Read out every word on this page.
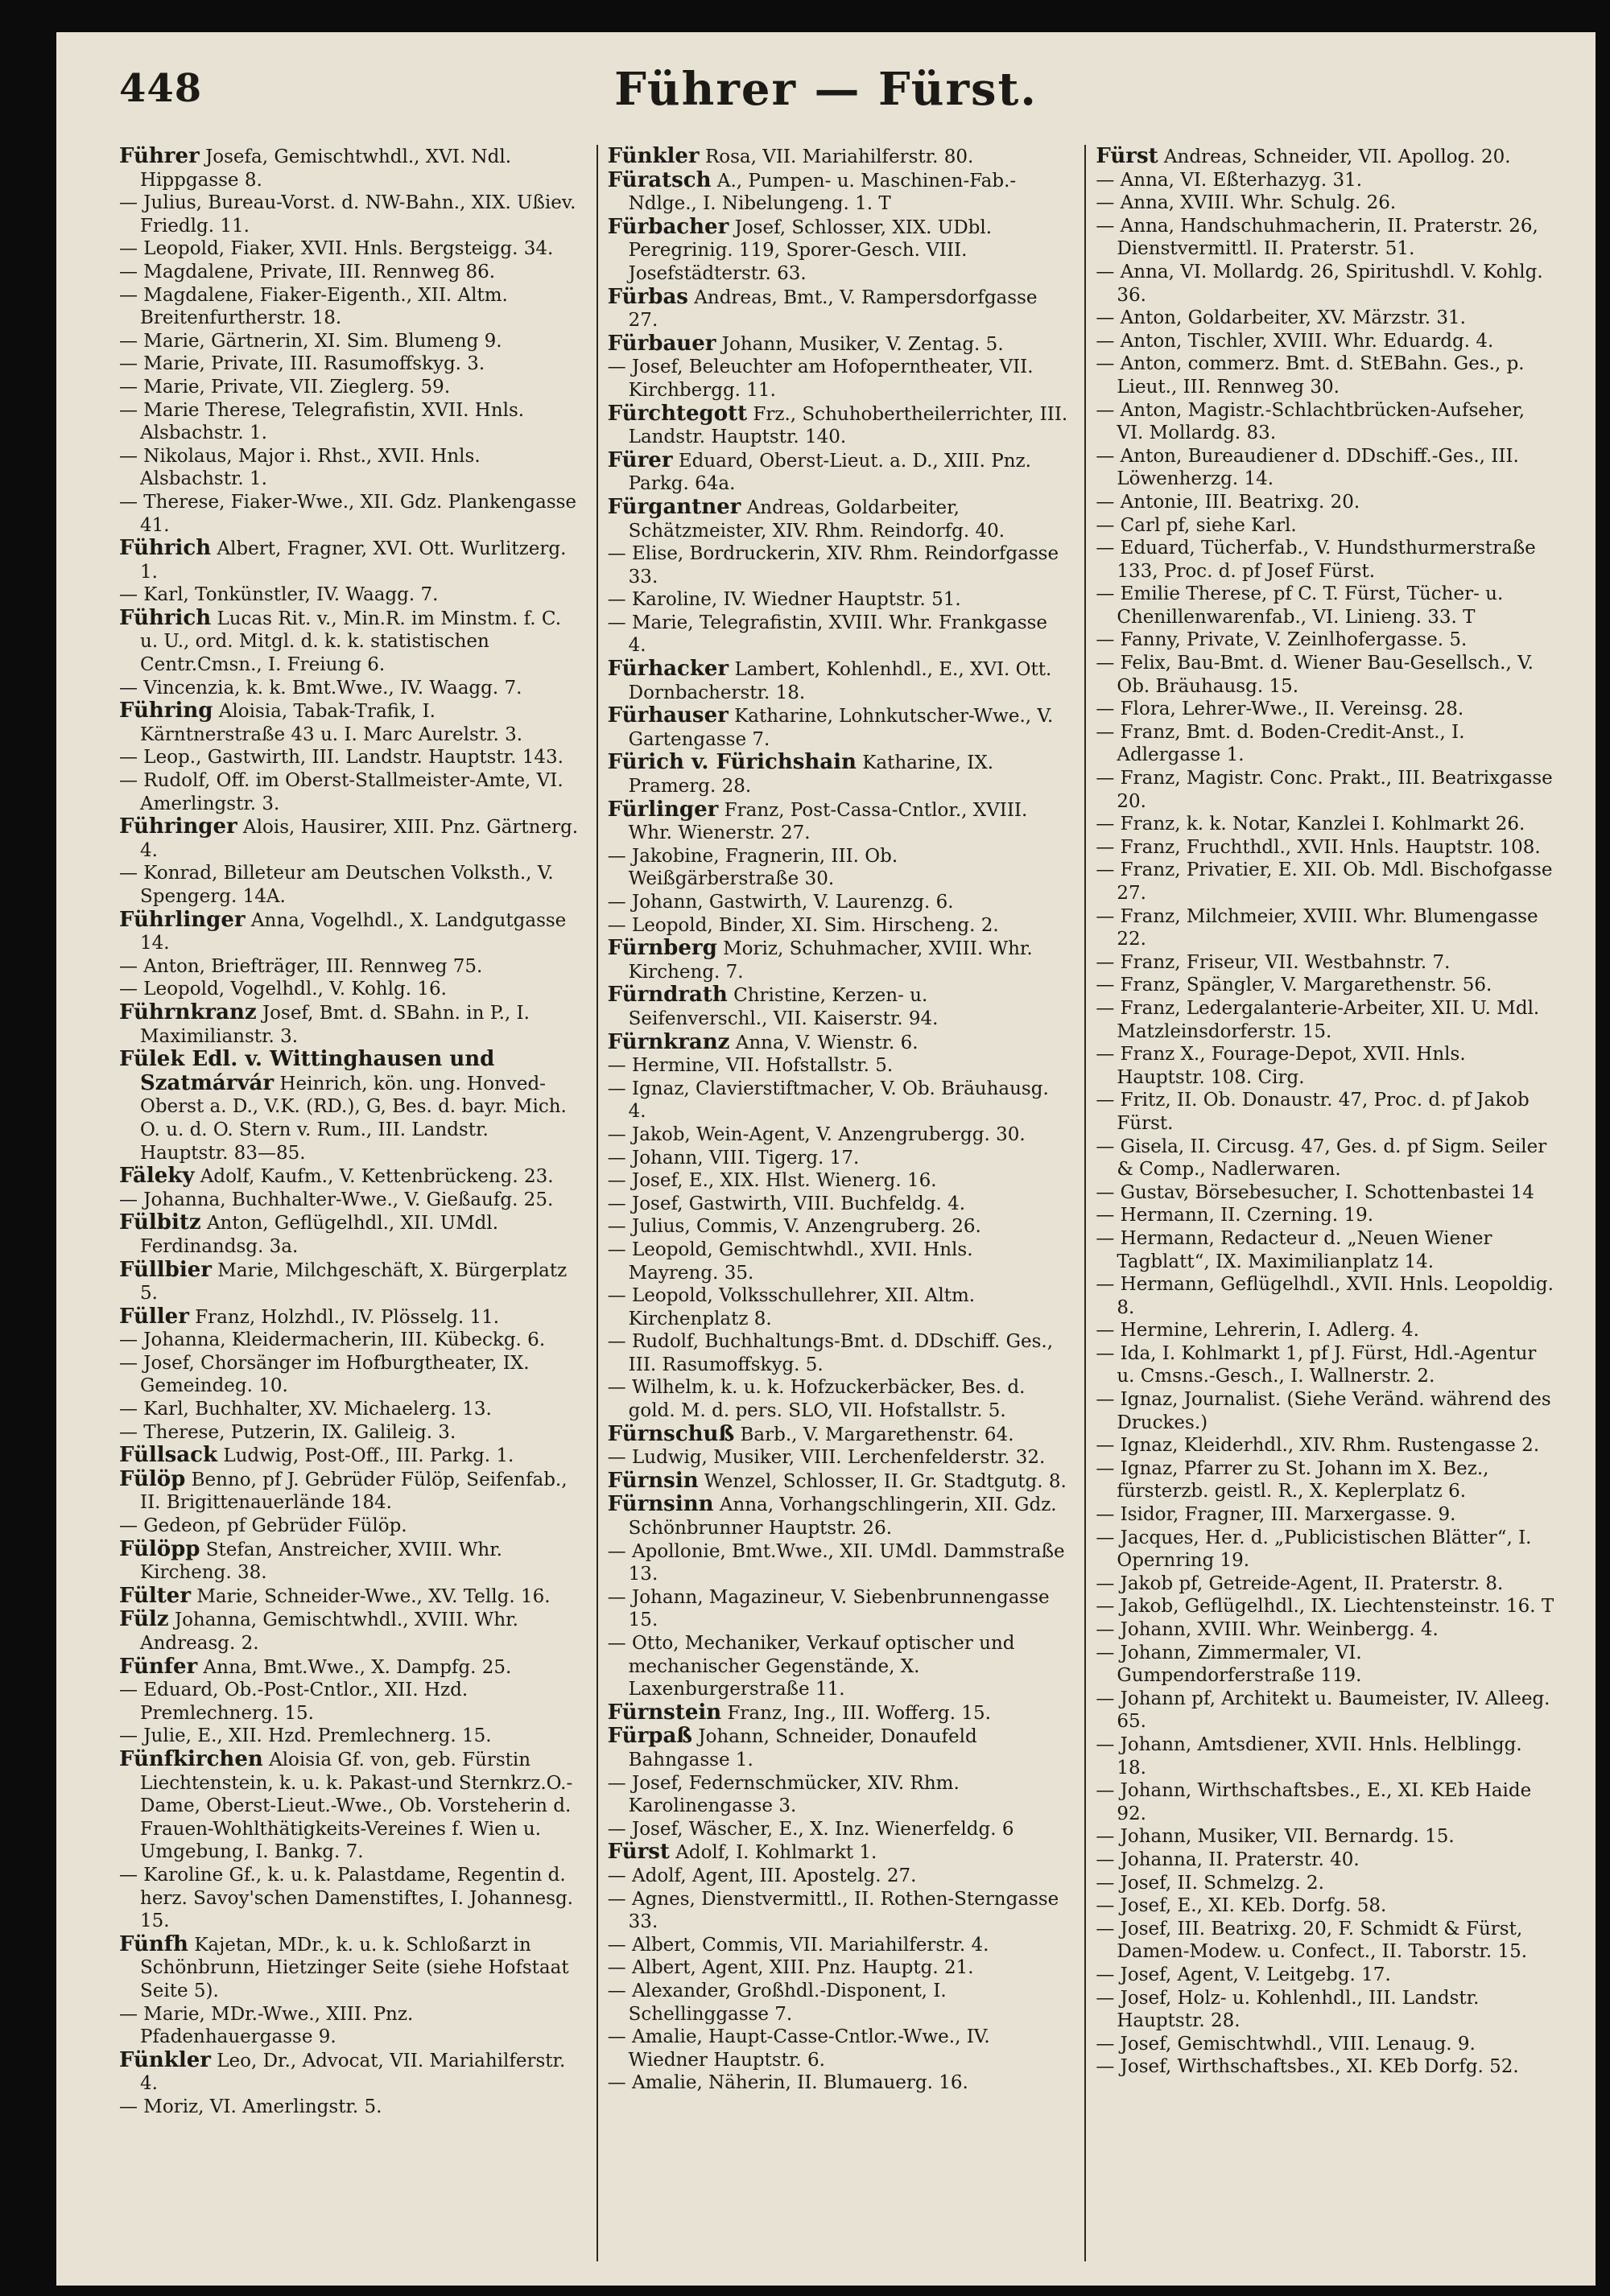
448	Führer — Fürst.

Führer Josefa, Gemischtwhdl., XVI. Ndl. Hippgasse 8.

— Julius, Bureau-Vorst. d. NW-Bahn., XIX. Ußiev. Friedlg. 11.

— Leopold, Fiaker, XVII. Hnls. Bergsteigg. 34.

— Magdalene, Private, III. Rennweg 86.

— Magdalene, Fiaker-Eigenth., XII. Altm. Breitenfurtherstr. 18.

— Marie, Gärtnerin, XI. Sim. Blumeng 9.

— Marie, Private, III. Rasumoffskyg. 3.

— Marie, Private, VII. Zieglerg. 59.

— Marie Therese, Telegrafistin, XVII. Hnls. Alsbachstr. 1.

— Nikolaus, Major i. Rhst., XVII. Hnls. Alsbachstr. 1.

— Therese, Fiaker-Wwe., XII. Gdz. Plankengasse 41.

Führich Albert, Fragner, XVI. Ott. Wurlitzerg. 1.

— Karl, Tonkünstler, IV. Waagg. 7.

Führich Lucas Rit. v., Min.R. im Minstm. f. C. u. U., ord. Mitgl. d. k. k. statistischen Centr.Cmsn., I. Freiung 6.

— Vincenzia, k. k. Bmt.Wwe., IV. Waagg. 7.

Führing Aloisia, Tabak-Trafik, I. Kärntnerstraße 43 u. I. Marc Aurelstr. 3.

— Leop., Gastwirth, III. Landstr. Hauptstr. 143.

— Rudolf, Off. im Oberst-Stallmeister-Amte, VI. Amerlingstr. 3.

Führinger Alois, Hausirer, XIII. Pnz. Gärtnerg. 4.

— Konrad, Billeteur am Deutschen Volksth., V. Spengerg. 14A.

Führlinger Anna, Vogelhdl., X. Landgutgasse 14.

— Anton, Briefträger, III. Rennweg 75.

— Leopold, Vogelhdl., V. Kohlg. 16.

Führnkranz Josef, Bmt. d. SBahn. in P., I. Maximilianstr. 3.

Fülek Edl. v. Wittinghausen und Szatmárvár Heinrich, kön. ung. Honved-Oberst a. D., V.K. (RD.), G, Bes. d. bayr. Mich. O. u. d. O. Stern v. Rum., III. Landstr. Hauptstr. 83—85.

Fäleky Adolf, Kaufm., V. Kettenbrückeng. 23.

— Johanna, Buchhalter-Wwe., V. Gießaufg. 25.

Fülbitz Anton, Geflügelhdl., XII. UMdl. Ferdinandsg. 3a.

Füllbier Marie, Milchgeschäft, X. Bürgerplatz 5.

Füller Franz, Holzhdl., IV. Plösselg. 11.

— Johanna, Kleidermacherin, III. Kübeckg. 6.

— Josef, Chorsänger im Hofburgtheater, IX. Gemeindeg. 10.

— Karl, Buchhalter, XV. Michaelerg. 13.

— Therese, Putzerin, IX. Galileig. 3.

Füllsack Ludwig, Post-Off., III. Parkg. 1.

Fülöp Benno, pf J. Gebrüder Fülöp, Seifenfab., II. Brigittenauerlände 184.

— Gedeon, pf Gebrüder Fülöp.

Fülöpp Stefan, Anstreicher, XVIII. Whr. Kircheng. 38.

Fülter Marie, Schneider-Wwe., XV. Tellg. 16.

Fülz Johanna, Gemischtwhdl., XVIII. Whr. Andreasg. 2.

Fünfer Anna, Bmt.Wwe., X. Dampfg. 25.

— Eduard, Ob.-Post-Cntlor., XII. Hzd. Premlechnerg. 15.

— Julie, E., XII. Hzd. Premlechnerg. 15.

Fünfkirchen Aloisia Gf. von, geb. Fürstin Liechtenstein, k. u. k. Pakast-und Sternkrz.O.-Dame, Oberst-Lieut.-Wwe., Ob. Vorsteherin d. Frauen-Wohlthätigkeits-Vereines f. Wien u. Umgebung, I. Bankg. 7.

— Karoline Gf., k. u. k. Palastdame, Regentin d. herz. Savoy'schen Damenstiftes, I. Johannesg. 15.

Fünfh Kajetan, MDr., k. u. k. Schloßarzt in Schönbrunn, Hietzinger Seite (siehe Hofstaat Seite 5).

— Marie, MDr.-Wwe., XIII. Pnz. Pfadenhauergasse 9.

Fünkler Leo, Dr., Advocat, VII. Mariahilferstr. 4.

— Moriz, VI. Amerlingstr. 5.

Fünkler Rosa, VII. Mariahilferstr. 80.

Füratsch A., Pumpen- u. Maschinen-Fab.-Ndlge., I. Nibelungeng. 1. T

Fürbacher Josef, Schlosser, XIX. UDbl. Peregrinig. 119, Sporer-Gesch. VIII. Josefstädterstr. 63.

Fürbas Andreas, Bmt., V. Rampersdorfgasse 27.

Fürbauer Johann, Musiker, V. Zentag. 5.

— Josef, Beleuchter am Hofoperntheater, VII. Kirchbergg. 11.

Fürchtegott Frz., Schuhobertheilerrichter, III. Landstr. Hauptstr. 140.

Fürer Eduard, Oberst-Lieut. a. D., XIII. Pnz. Parkg. 64a.

Fürgantner Andreas, Goldarbeiter, Schätzmeister, XIV. Rhm. Reindorfg. 40.

— Elise, Bordruckerin, XIV. Rhm. Reindorfgasse 33.

— Karoline, IV. Wiedner Hauptstr. 51.

— Marie, Telegrafistin, XVIII. Whr. Frankgasse 4.

Fürhacker Lambert, Kohlenhdl., E., XVI. Ott. Dornbacherstr. 18.

Fürhauser Katharine, Lohnkutscher-Wwe., V. Gartengasse 7.

Fürich v. Fürichshain Katharine, IX. Pramerg. 28.

Fürlinger Franz, Post-Cassa-Cntlor., XVIII. Whr. Wienerstr. 27.

— Jakobine, Fragnerin, III. Ob. Weißgärberstraße 30.

— Johann, Gastwirth, V. Laurenzg. 6.

— Leopold, Binder, XI. Sim. Hirscheng. 2.

Fürnberg Moriz, Schuhmacher, XVIII. Whr. Kircheng. 7.

Fürndrath Christine, Kerzen- u. Seifenverschl., VII. Kaiserstr. 94.

Fürnkranz Anna, V. Wienstr. 6.

— Hermine, VII. Hofstallstr. 5.

— Ignaz, Clavierstiftmacher, V. Ob. Bräuhausg. 4.

— Jakob, Wein-Agent, V. Anzengrubergg. 30.

— Johann, VIII. Tigerg. 17.

— Josef, E., XIX. Hlst. Wienerg. 16.

— Josef, Gastwirth, VIII. Buchfeldg. 4.

— Julius, Commis, V. Anzengruberg. 26.

— Leopold, Gemischtwhdl., XVII. Hnls. Mayreng. 35.

— Leopold, Volksschullehrer, XII. Altm. Kirchenplatz 8.

— Rudolf, Buchhaltungs-Bmt. d. DDschiff. Ges., III. Rasumoffskyg. 5.

— Wilhelm, k. u. k. Hofzuckerbäcker, Bes. d. gold. M. d. pers. SLO, VII. Hofstallstr. 5.

Fürnschuß Barb., V. Margarethenstr. 64.

— Ludwig, Musiker, VIII. Lerchenfelderstr. 32.

Fürnsin Wenzel, Schlosser, II. Gr. Stadtgutg. 8.

Fürnsinn Anna, Vorhangschlingerin, XII. Gdz. Schönbrunner Hauptstr. 26.

— Apollonie, Bmt.Wwe., XII. UMdl. Dammstraße 13.

— Johann, Magazineur, V. Siebenbrunnengasse 15.

— Otto, Mechaniker, Verkauf optischer und mechanischer Gegenstände, X. Laxenburgerstraße 11.

Fürnstein Franz, Ing., III. Wofferg. 15.

Fürpaß Johann, Schneider, Donaufeld Bahngasse 1.

— Josef, Federnschmücker, XIV. Rhm. Karolinengasse 3.

— Josef, Wäscher, E., X. Inz. Wienerfeldg. 6

Fürst Adolf, I. Kohlmarkt 1.

— Adolf, Agent, III. Apostelg. 27.

— Agnes, Dienstvermittl., II. Rothen-Sterngasse 33.

— Albert, Commis, VII. Mariahilferstr. 4.

— Albert, Agent, XIII. Pnz. Hauptg. 21.

— Alexander, Großhdl.-Disponent, I. Schellinggasse 7.

— Amalie, Haupt-Casse-Cntlor.-Wwe., IV. Wiedner Hauptstr. 6.

— Amalie, Näherin, II. Blumauerg. 16.

Fürst Andreas, Schneider, VII. Apollog. 20.

— Anna, VI. Eßterhazyg. 31.

— Anna, XVIII. Whr. Schulg. 26.

— Anna, Handschuhmacherin, II. Praterstr. 26, Dienstvermittl. II. Praterstr. 51.

— Anna, VI. Mollardg. 26, Spiritushdl. V. Kohlg. 36.

— Anton, Goldarbeiter, XV. Märzstr. 31.

— Anton, Tischler, XVIII. Whr. Eduardg. 4.

— Anton, commerz. Bmt. d. StEBahn. Ges., p. Lieut., III. Rennweg 30.

— Anton, Magistr.-Schlachtbrücken-Aufseher, VI. Mollardg. 83.

— Anton, Bureaudiener d. DDschiff.-Ges., III. Löwenherzg. 14.

— Antonie, III. Beatrixg. 20.

— Carl pf, siehe Karl.

— Eduard, Tücherfab., V. Hundsthurmerstraße 133, Proc. d. pf Josef Fürst.

— Emilie Therese, pf C. T. Fürst, Tücher- u. Chenillenwarenfab., VI. Linieng. 33. T

— Fanny, Private, V. Zeinlhofergasse. 5.

— Felix, Bau-Bmt. d. Wiener Bau-Gesellsch., V. Ob. Bräuhausg. 15.

— Flora, Lehrer-Wwe., II. Vereinsg. 28.

— Franz, Bmt. d. Boden-Credit-Anst., I. Adlergasse 1.

— Franz, Magistr. Conc. Prakt., III. Beatrixgasse 20.

— Franz, k. k. Notar, Kanzlei I. Kohlmarkt 26.

— Franz, Fruchthdl., XVII. Hnls. Hauptstr. 108.

— Franz, Privatier, E. XII. Ob. Mdl. Bischofgasse 27.

— Franz, Milchmeier, XVIII. Whr. Blumengasse 22.

— Franz, Friseur, VII. Westbahnstr. 7.

— Franz, Spängler, V. Margarethenstr. 56.

— Franz, Ledergalanterie-Arbeiter, XII. U. Mdl. Matzleinsdorferstr. 15.

— Franz X., Fourage-Depot, XVII. Hnls. Hauptstr. 108. Cirg.

— Fritz, II. Ob. Donaustr. 47, Proc. d. pf Jakob Fürst.

— Gisela, II. Circusg. 47, Ges. d. pf Sigm. Seiler & Comp., Nadlerwaren.

— Gustav, Börsebesucher, I. Schottenbastei 14

— Hermann, II. Czerning. 19.

— Hermann, Redacteur d. „Neuen Wiener Tagblatt“, IX. Maximilianplatz 14.

— Hermann, Geflügelhdl., XVII. Hnls. Leopoldig. 8.

— Hermine, Lehrerin, I. Adlerg. 4.

— Ida, I. Kohlmarkt 1, pf J. Fürst, Hdl.-Agentur u. Cmsns.-Gesch., I. Wallnerstr. 2.

— Ignaz, Journalist. (Siehe Veränd. während des Druckes.)

— Ignaz, Kleiderhdl., XIV. Rhm. Rustengasse 2.

— Ignaz, Pfarrer zu St. Johann im X. Bez., fürsterzb. geistl. R., X. Keplerplatz 6.

— Isidor, Fragner, III. Marxergasse. 9.

— Jacques, Her. d. „Publicistischen Blätter“, I. Opernring 19.

— Jakob pf, Getreide-Agent, II. Praterstr. 8.

— Jakob, Geflügelhdl., IX. Liechtensteinstr. 16. T

— Johann, XVIII. Whr. Weinbergg. 4.

— Johann, Zimmermaler, VI. Gumpendorferstraße 119.

— Johann pf, Architekt u. Baumeister, IV. Alleeg. 65.

— Johann, Amtsdiener, XVII. Hnls. Helblingg. 18.

— Johann, Wirthschaftsbes., E., XI. KEb Haide 92.

— Johann, Musiker, VII. Bernardg. 15.

— Johanna, II. Praterstr. 40.

— Josef, II. Schmelzg. 2.

— Josef, E., XI. KEb. Dorfg. 58.

— Josef, III. Beatrixg. 20, F. Schmidt & Fürst, Damen-Modew. u. Confect., II. Taborstr. 15.

— Josef, Agent, V. Leitgebg. 17.

— Josef, Holz- u. Kohlenhdl., III. Landstr. Hauptstr. 28.

— Josef, Gemischtwhdl., VIII. Lenaug. 9.

— Josef, Wirthschaftsbes., XI. KEb Dorfg. 52.
